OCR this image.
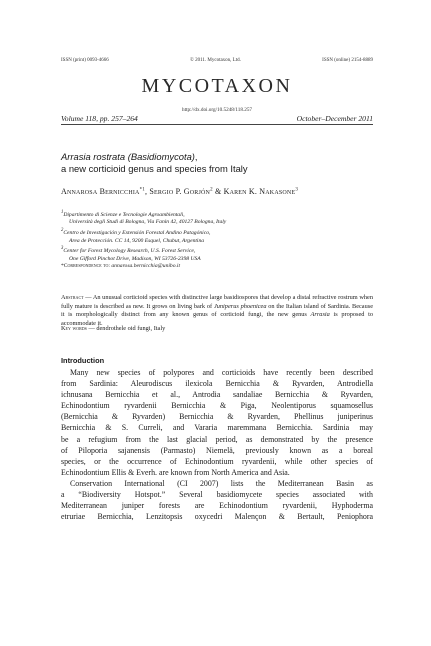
ISSN (print) 0093-4666	© 2011. Mycotaxon, Ltd.	ISSN (online) 2154-8889
MYCOTAXON
http://dx.doi.org/10.5248/118.257
Volume 118, pp. 257–264	October–December 2011
Arrasia rostrata (Basidiomycota),
a new corticioid genus and species from Italy
Annarosa Bernicchia$^{*1}$, Sergio P. Gorjón$^2$ & Karen K. Nakasone$^3$
$^1$Dipartimento di Scienze e Tecnologie Agroambientali,
Università degli Studi di Bologna, Via Fanin 42, 40127 Bologna, Italy
$^2$Centro de Investigación y Extensión Forestal Andino Patagónico,
Area de Protección. CC 14, 9200 Esquel, Chubut, Argentina
$^3$Center for Forest Mycology Research, U.S. Forest Service,
One Gifford Pinchot Drive, Madison, WI 53726-2398 USA
*Correspondence to: annarosa.bernicchia@unibo.it
Abstract — An unusual corticioid species with distinctive large basidiospores that develop a distal refractive rostrum when fully mature is described as new. It grows on living bark of Juniperus phoenicea on the Italian island of Sardinia. Because it is morphologically distinct from any known genus of corticioid fungi, the new genus Arrasia is proposed to accommodate it.
Key words — dendrothele oid fungi, Italy
Introduction
Many new species of polypores and corticioids have recently been described
from Sardinia: Aleurodiscus ilexicola Bernicchia & Ryvarden, Antrodiella
ichnusana Bernicchia et al., Antrodia sandaliae Bernicchia & Ryvarden,
Echinodontium ryvardenii Bernicchia & Piga, Neolentiporus squamosellus
(Bernicchia & Ryvarden) Bernicchia & Ryvarden, Phellinus juniperinus
Bernicchia & S. Curreli, and Vararia maremmana Bernicchia. Sardinia may
be a refugium from the last glacial period, as demonstrated by the presence
of Piloporia sajanensis (Parmasto) Niemelä, previously known as a boreal
species, or the occurrence of Echinodontium ryvardenii, while other species of
Echinodontium Ellis & Everh. are known from North America and Asia.
Conservation International (CI 2007) lists the Mediterranean Basin as
a “Biodiversity Hotspot.” Several basidiomycete species associated with
Mediterranean juniper forests are Echinodontium ryvardenii, Hyphoderma
etruriae Bernicchia, Lenzitopsis oxycedri Malençon & Bertault, Peniophora
